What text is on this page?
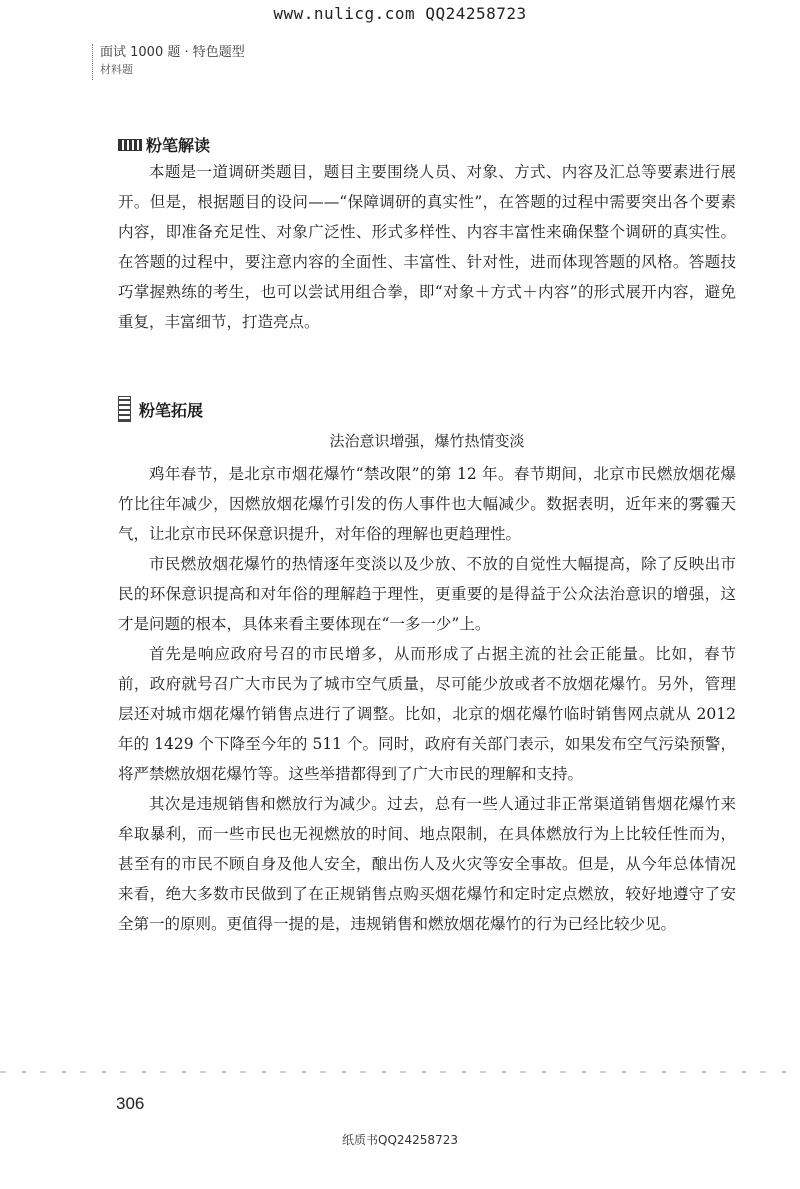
www.nulicg.com QQ24258723
面试 1000 题 · 特色题型
材料题
粉笔解读

本题是一道调研类题目，题目主要围绕人员、对象、方式、内容及汇总等要素进行展开。但是，根据题目的设问——“保障调研的真实性”，在答题的过程中需要突出各个要素内容，即准备充足性、对象广泛性、形式多样性、内容丰富性来确保整个调研的真实性。在答题的过程中，要注意内容的全面性、丰富性、针对性，进而体现答题的风格。答题技巧掌握熟练的考生，也可以尝试用组合拳，即“对象＋方式＋内容”的形式展开内容，避免重复，丰富细节，打造亮点。

粉笔拓展
法治意识增强，爆竹热情变淡

鸡年春节，是北京市烟花爆竹“禁改限”的第 12 年。春节期间，北京市民燃放烟花爆竹比往年减少，因燃放烟花爆竹引发的伤人事件也大幅减少。数据表明，近年来的雾霾天气，让北京市民环保意识提升，对年俗的理解也更趋理性。

市民燃放烟花爆竹的热情逐年变淡以及少放、不放的自觉性大幅提高，除了反映出市民的环保意识提高和对年俗的理解趋于理性，更重要的是得益于公众法治意识的增强，这才是问题的根本，具体来看主要体现在“一多一少”上。

首先是响应政府号召的市民增多，从而形成了占据主流的社会正能量。比如，春节前，政府就号召广大市民为了城市空气质量，尽可能少放或者不放烟花爆竹。另外，管理层还对城市烟花爆竹销售点进行了调整。比如，北京的烟花爆竹临时销售网点就从 2012 年的 1429 个下降至今年的 511 个。同时，政府有关部门表示，如果发布空气污染预警，将严禁燃放烟花爆竹等。这些举措都得到了广大市民的理解和支持。

其次是违规销售和燃放行为减少。过去，总有一些人通过非正常渠道销售烟花爆竹来牟取暴利，而一些市民也无视燃放的时间、地点限制，在具体燃放行为上比较任性而为，甚至有的市民不顾自身及他人安全，酿出伤人及火灾等安全事故。但是，从今年总体情况来看，绝大多数市民做到了在正规销售点购买烟花爆竹和定时定点燃放，较好地遵守了安全第一的原则。更值得一提的是，违规销售和燃放烟花爆竹的行为已经比较少见。

306
纸质书QQ24258723
